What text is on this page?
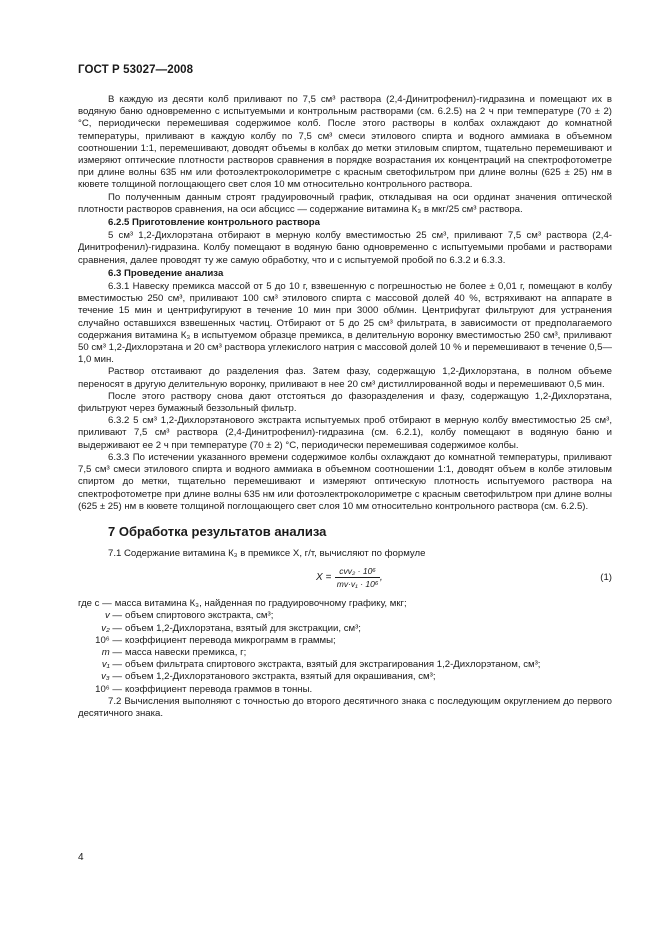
ГОСТ Р 53027—2008

В каждую из десяти колб приливают по 7,5 см³ раствора (2,4-Динитрофенил)-гидразина и помещают их в водяную баню одновременно с испытуемыми и контрольным растворами (см. 6.2.5) на 2 ч при температуре (70 ± 2) °С, периодически перемешивая содержимое колб. После этого растворы в колбах охлаждают до комнатной температуры, приливают в каждую колбу по 7,5 см³ смеси этилового спирта и водного аммиака в объемном соотношении 1:1, перемешивают, доводят объемы в колбах до метки этиловым спиртом, тщательно перемешивают и измеряют оптические плотности растворов сравнения в порядке возрастания их концентраций на спектрофотометре при длине волны 635 нм или фотоэлектроколориметре с красным светофильтром при длине волны (625 ± 25) нм в кювете толщиной поглощающего свет слоя 10 мм относительно контрольного раствора.

По полученным данным строят градуировочный график, откладывая на оси ординат значения оптической плотности растворов сравнения, на оси абсцисс — содержание витамина К₃ в мкг/25 см³ раствора.

6.2.5 Приготовление контрольного раствора

5 см³ 1,2-Дихлорэтана отбирают в мерную колбу вместимостью 25 см³, приливают 7,5 см³ раствора (2,4-Динитрофенил)-гидразина. Колбу помещают в водяную баню одновременно с испытуемыми пробами и растворами сравнения, далее проводят ту же самую обработку, что и с испытуемой пробой по 6.3.2 и 6.3.3.

6.3 Проведение анализа

6.3.1 Навеску премикса массой от 5 до 10 г, взвешенную с погрешностью не более ± 0,01 г, помещают в колбу вместимостью 250 см³, приливают 100 см³ этилового спирта с массовой долей 40 %, встряхивают на аппарате в течение 15 мин и центрифугируют в течение 10 мин при 3000 об/мин. Центрифугат фильтруют для устранения случайно оставшихся взвешенных частиц. Отбирают от 5 до 25 см³ фильтрата, в зависимости от предполагаемого содержания витамина К₃ в испытуемом образце премикса, в делительную воронку вместимостью 250 см³, приливают 50 см³ 1,2-Дихлорэтана и 20 см³ раствора углекислого натрия с массовой долей 10 % и перемешивают в течение 0,5—1,0 мин.

Раствор отстаивают до разделения фаз. Затем фазу, содержащую 1,2-Дихлорэтана, в полном объеме переносят в другую делительную воронку, приливают в нее 20 см³ дистиллированной воды и перемешивают 0,5 мин.

После этого раствору снова дают отстояться до фазоразделения и фазу, содержащую 1,2-Дихлорэтана, фильтруют через бумажный беззольный фильтр.

6.3.2 5 см³ 1,2-Дихлорэтанового экстракта испытуемых проб отбирают в мерную колбу вместимостью 25 см³, приливают 7,5 см³ раствора (2,4-Динитрофенил)-гидразина (см. 6.2.1), колбу помещают в водяную баню и выдерживают ее 2 ч при температуре (70 ± 2) °С, периодически перемешивая содержимое колбы.

6.3.3 По истечении указанного времени содержимое колбы охлаждают до комнатной температуры, приливают 7,5 см³ смеси этилового спирта и водного аммиака в объемном соотношении 1:1, доводят объем в колбе этиловым спиртом до метки, тщательно перемешивают и измеряют оптическую плотность испытуемого раствора на спектрофотометре при длине волны 635 нм или фотоэлектроколориметре с красным светофильтром при длине волны (625 ± 25) нм в кювете толщиной поглощающего свет слоя 10 мм относительно контрольного раствора (см. 6.2.5).

7 Обработка результатов анализа

7.1 Содержание витамина К₃ в премиксе X, г/т, вычисляют по формуле

$X = \frac{\text{cvv₂ · 10⁶}}{\text{mv·v₁ · 10⁶}}$ ,	(1)
где с — масса витамина К₃, найденная по градуировочному графику, мкг;
v — объем спиртового экстракта, см³;
v₂ — объем 1,2-Дихлорэтана, взятый для экстракции, см³;
10⁶ — коэффициент перевода микрограмм в граммы;
m — масса навески премикса, г;
v₁ — объем фильтрата спиртового экстракта, взятый для экстрагирования 1,2-Дихлорэтаном, см³;
v₃ — объем 1,2-Дихлорэтанового экстракта, взятый для окрашивания, см³;
10⁶ — коэффициент перевода граммов в тонны.

7.2 Вычисления выполняют с точностью до второго десятичного знака с последующим округлением до первого десятичного знака.

4
